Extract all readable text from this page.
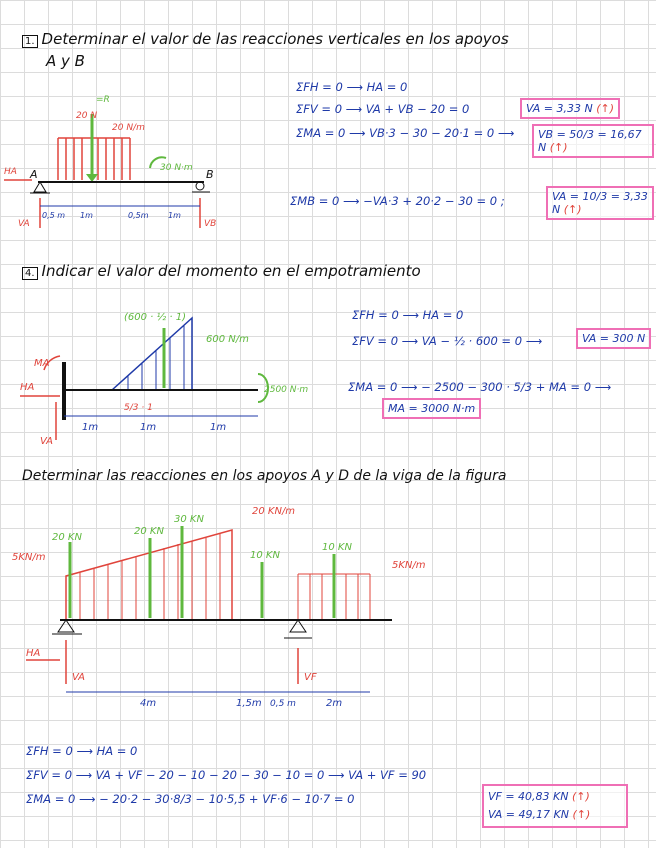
1. Determinar el valor de las reacciones verticales en los apoyos
A y B
20 N
=R
20 N/m
A	B
30 N·m
HA
VA	VB
0,5 m 1m	0,5m 1m
ΣFH = 0 ⟶ HA = 0
ΣFV = 0 ⟶ VA + VB − 20 = 0	VA = 3,33 N (↑)
ΣMA = 0 ⟶ VB·3 − 30 − 20·1 = 0 ⟶	VB = 50/3 = 16,67 N (↑)
ΣMB = 0 ⟶ −VA·3 + 20·2 − 30 = 0 ;	VA = 10/3 = 3,33 N (↑)
4. Indicar el valor del momento en el empotramiento
(600 · ½ · 1)
600 N/m
2500 N·m
MA
HA
VA
5/3 · 1
1m	1m	1m
ΣFH = 0 ⟶ HA = 0
ΣFV = 0 ⟶ VA − ½ · 600 = 0 ⟶	VA = 300 N
ΣMA = 0 ⟶ − 2500 − 300 · 5/3 + MA = 0 ⟶
MA = 3000 N·m
Determinar las reacciones en los apoyos A y D de la viga de la figura
20 KN
20 KN
30 KN
10 KN
10 KN
5KN/m
20 KN/m
5KN/m
HA
VA	VF
4m	1,5m 0,5 m	2m
ΣFH = 0 ⟶ HA = 0
ΣFV = 0 ⟶ VA + VF − 20 − 10 − 20 − 30 − 10 = 0 ⟶ VA + VF = 90
ΣMA = 0 ⟶ − 20·2 − 30·8/3 − 10·5,5 + VF·6 − 10·7 = 0	VF = 40,83 KN (↑)
VA = 49,17 KN (↑)
